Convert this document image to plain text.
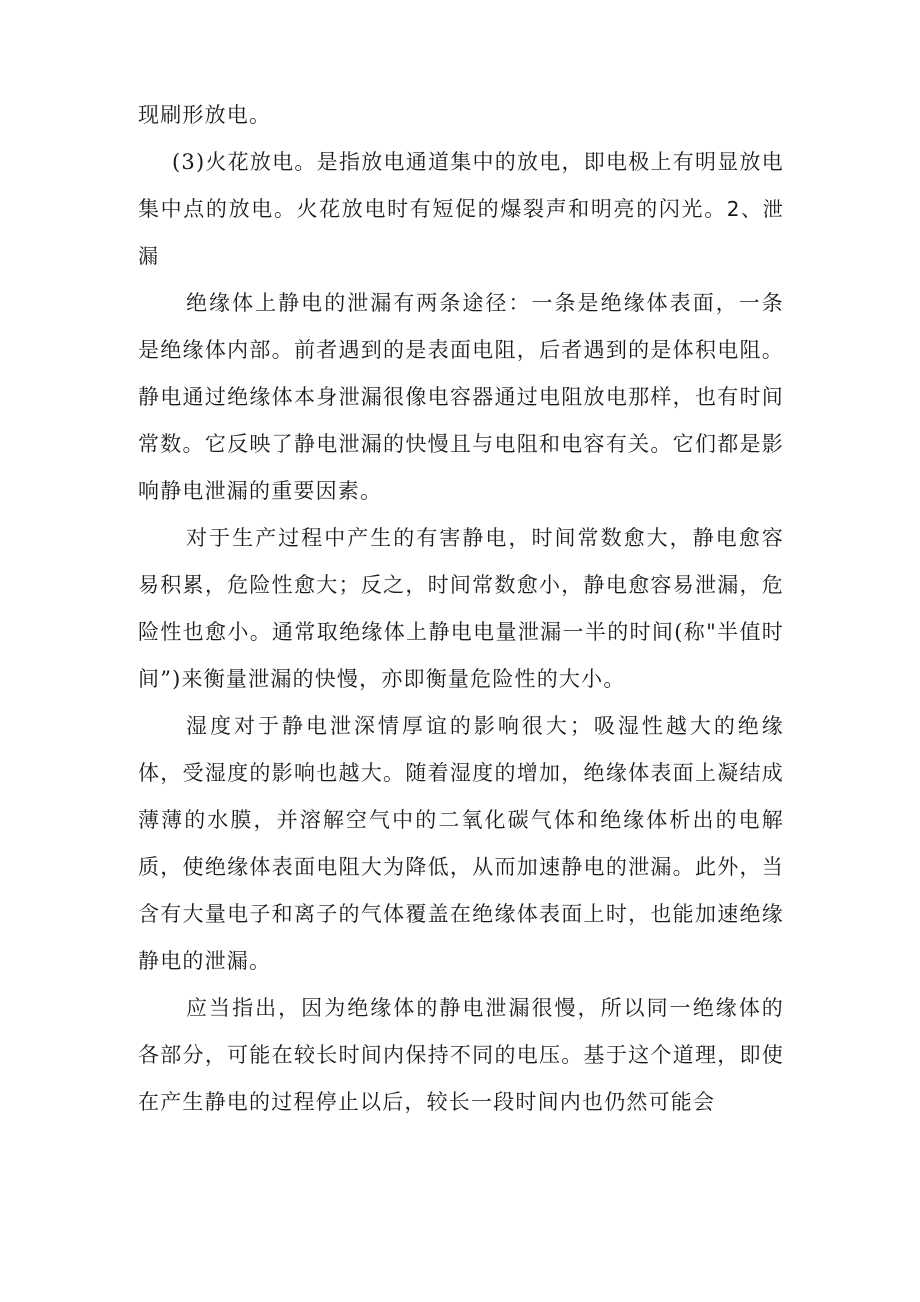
现刷形放电。

(3)火花放电。是指放电通道集中的放电，即电极上有明显放电集中点的放电。火花放电时有短促的爆裂声和明亮的闪光。2、泄漏

绝缘体上静电的泄漏有两条途径：一条是绝缘体表面，一条是绝缘体内部。前者遇到的是表面电阻，后者遇到的是体积电阻。静电通过绝缘体本身泄漏很像电容器通过电阻放电那样，也有时间常数。它反映了静电泄漏的快慢且与电阻和电容有关。它们都是影响静电泄漏的重要因素。

对于生产过程中产生的有害静电，时间常数愈大，静电愈容易积累，危险性愈大；反之，时间常数愈小，静电愈容易泄漏，危险性也愈小。通常取绝缘体上静电电量泄漏一半的时间(称"半值时间”)来衡量泄漏的快慢，亦即衡量危险性的大小。

湿度对于静电泄深情厚谊的影响很大；吸湿性越大的绝缘体，受湿度的影响也越大。随着湿度的增加，绝缘体表面上凝结成薄薄的水膜，并溶解空气中的二氧化碳气体和绝缘体析出的电解质，使绝缘体表面电阻大为降低，从而加速静电的泄漏。此外，当含有大量电子和离子的气体覆盖在绝缘体表面上时，也能加速绝缘静电的泄漏。

应当指出，因为绝缘体的静电泄漏很慢，所以同一绝缘体的各部分，可能在较长时间内保持不同的电压。基于这个道理，即使在产生静电的过程停止以后，较长一段时间内也仍然可能会
